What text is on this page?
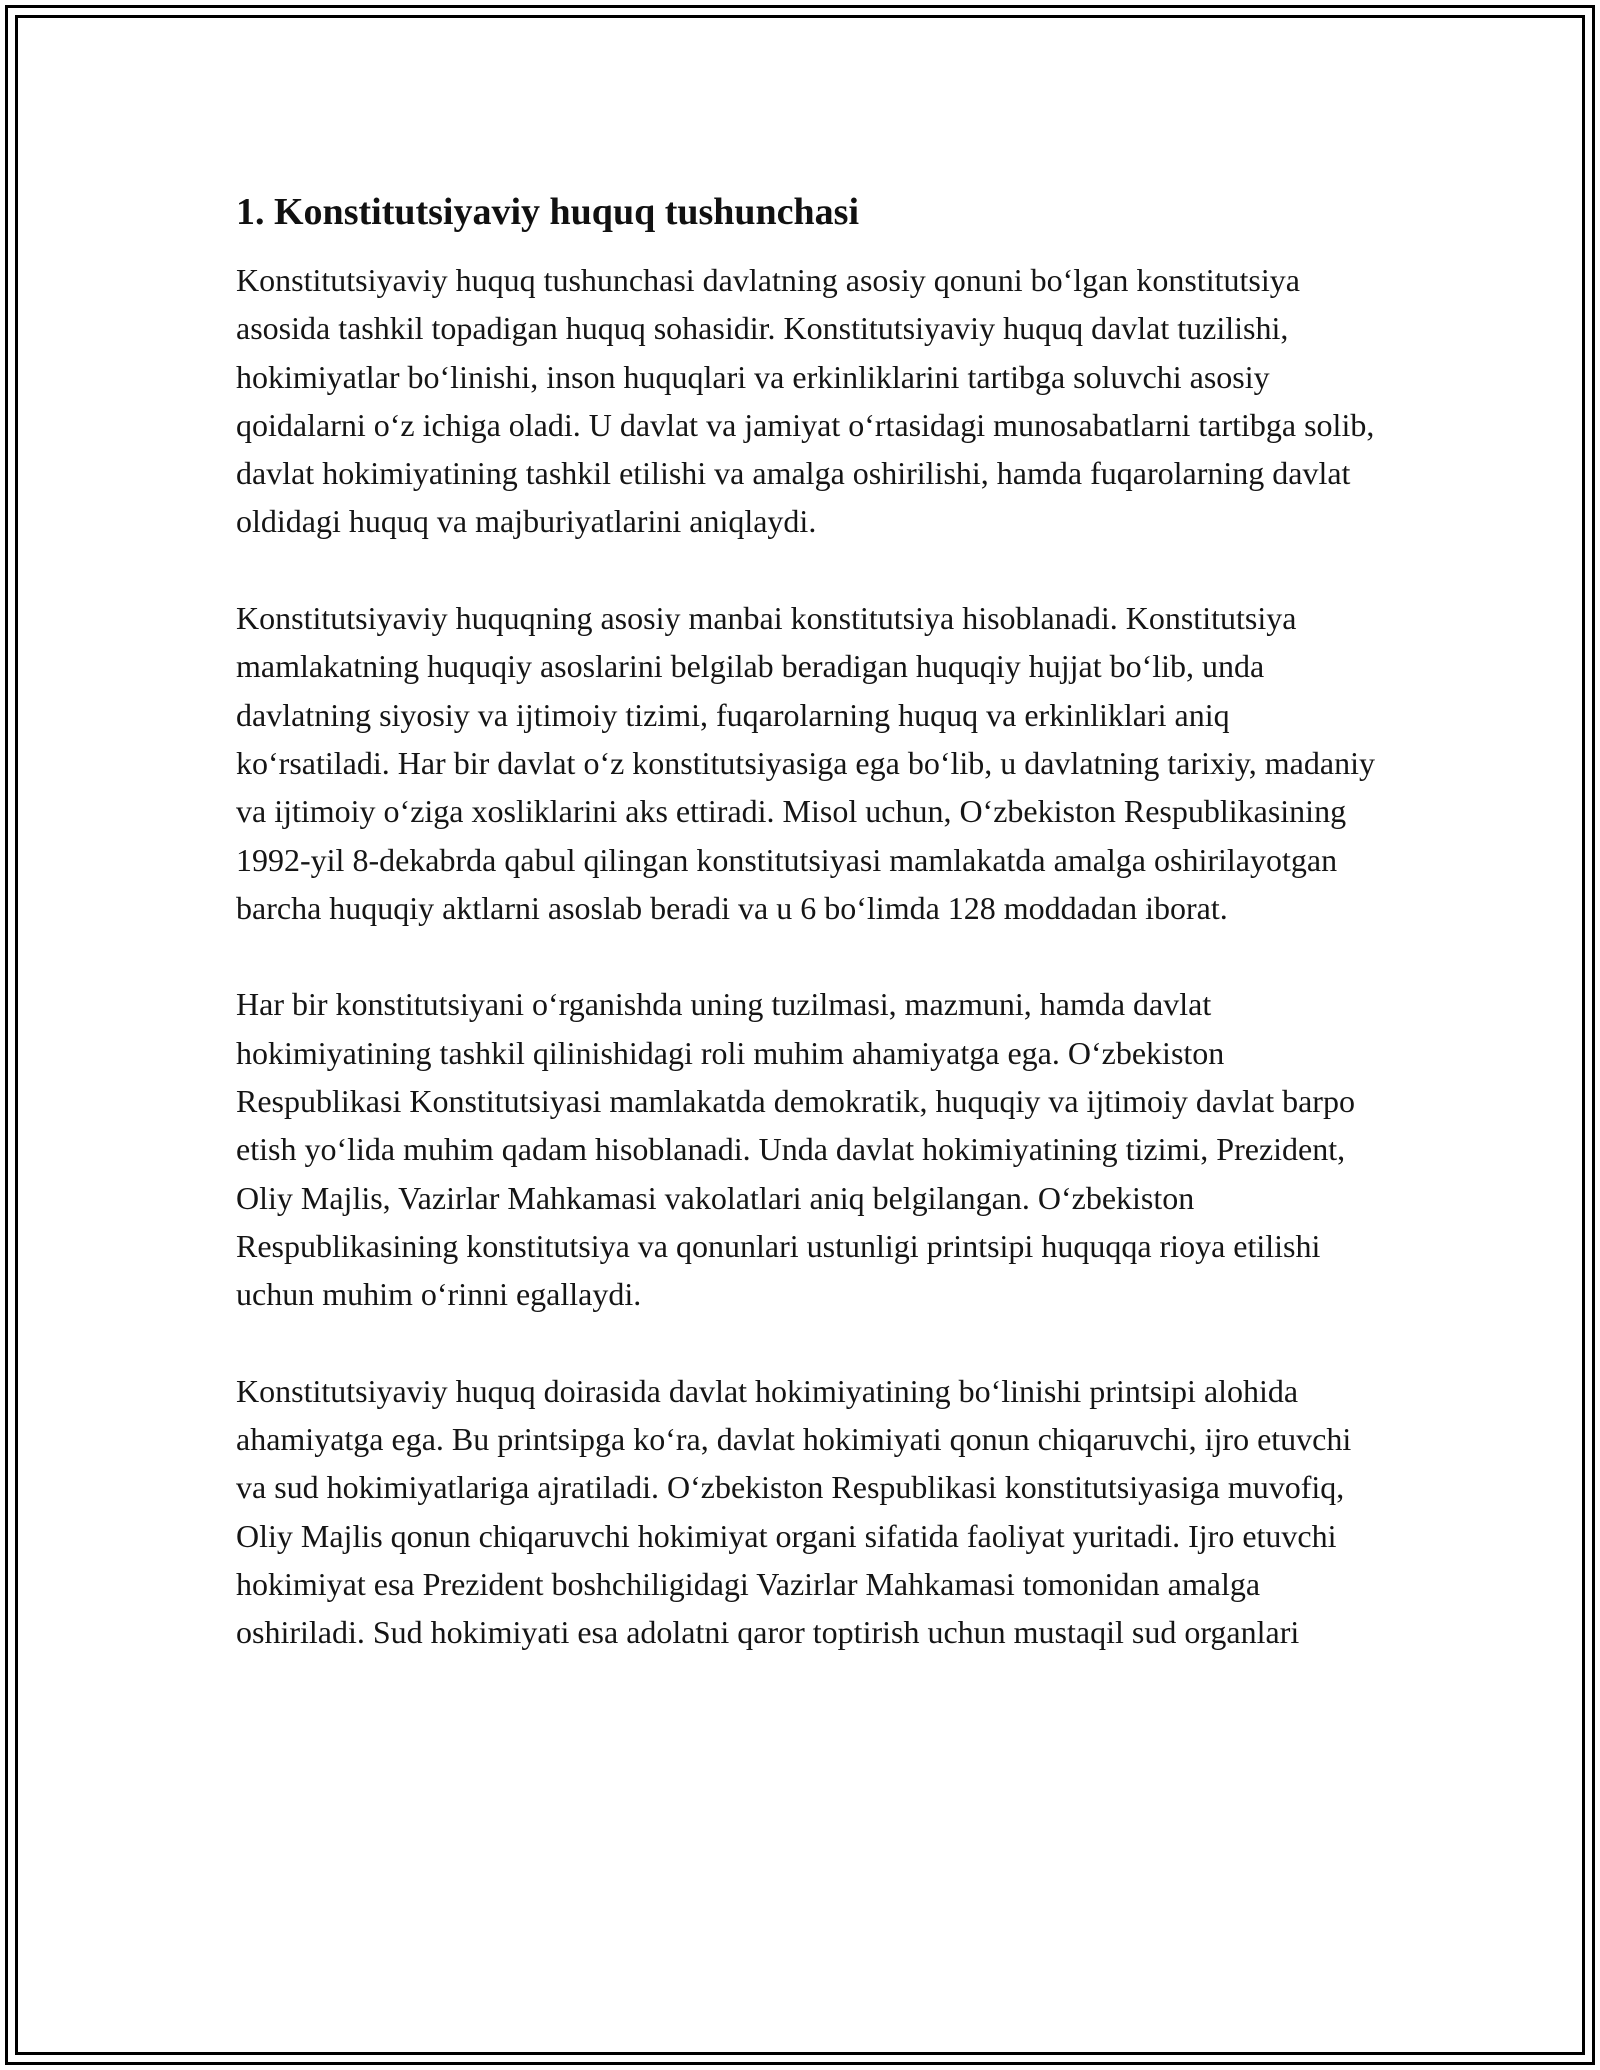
1. Konstitutsiyaviy huquq tushunchasi

Konstitutsiyaviy huquq tushunchasi davlatning asosiy qonuni bo‘lgan konstitutsiya asosida tashkil topadigan huquq sohasidir. Konstitutsiyaviy huquq davlat tuzilishi, hokimiyatlar bo‘linishi, inson huquqlari va erkinliklarini tartibga soluvchi asosiy qoidalarni o‘z ichiga oladi. U davlat va jamiyat o‘rtasidagi munosabatlarni tartibga solib, davlat hokimiyatining tashkil etilishi va amalga oshirilishi, hamda fuqarolarning davlat oldidagi huquq va majburiyatlarini aniqlaydi.

Konstitutsiyaviy huquqning asosiy manbai konstitutsiya hisoblanadi. Konstitutsiya mamlakatning huquqiy asoslarini belgilab beradigan huquqiy hujjat bo‘lib, unda davlatning siyosiy va ijtimoiy tizimi, fuqarolarning huquq va erkinliklari aniq ko‘rsatiladi. Har bir davlat o‘z konstitutsiyasiga ega bo‘lib, u davlatning tarixiy, madaniy va ijtimoiy o‘ziga xosliklarini aks ettiradi. Misol uchun, O‘zbekiston Respublikasining 1992-yil 8-dekabrda qabul qilingan konstitutsiyasi mamlakatda amalga oshirilayotgan barcha huquqiy aktlarni asoslab beradi va u 6 bo‘limda 128 moddadan iborat.

Har bir konstitutsiyani o‘rganishda uning tuzilmasi, mazmuni, hamda davlat hokimiyatining tashkil qilinishidagi roli muhim ahamiyatga ega. O‘zbekiston Respublikasi Konstitutsiyasi mamlakatda demokratik, huquqiy va ijtimoiy davlat barpo etish yo‘lida muhim qadam hisoblanadi. Unda davlat hokimiyatining tizimi, Prezident, Oliy Majlis, Vazirlar Mahkamasi vakolatlari aniq belgilangan. O‘zbekiston Respublikasining konstitutsiya va qonunlari ustunligi printsipi huquqqa rioya etilishi uchun muhim o‘rinni egallaydi.

Konstitutsiyaviy huquq doirasida davlat hokimiyatining bo‘linishi printsipi alohida ahamiyatga ega. Bu printsipga ko‘ra, davlat hokimiyati qonun chiqaruvchi, ijro etuvchi va sud hokimiyatlariga ajratiladi. O‘zbekiston Respublikasi konstitutsiyasiga muvofiq, Oliy Majlis qonun chiqaruvchi hokimiyat organi sifatida faoliyat yuritadi. Ijro etuvchi hokimiyat esa Prezident boshchiligidagi Vazirlar Mahkamasi tomonidan amalga oshiriladi. Sud hokimiyati esa adolatni qaror toptirish uchun mustaqil sud organlari
